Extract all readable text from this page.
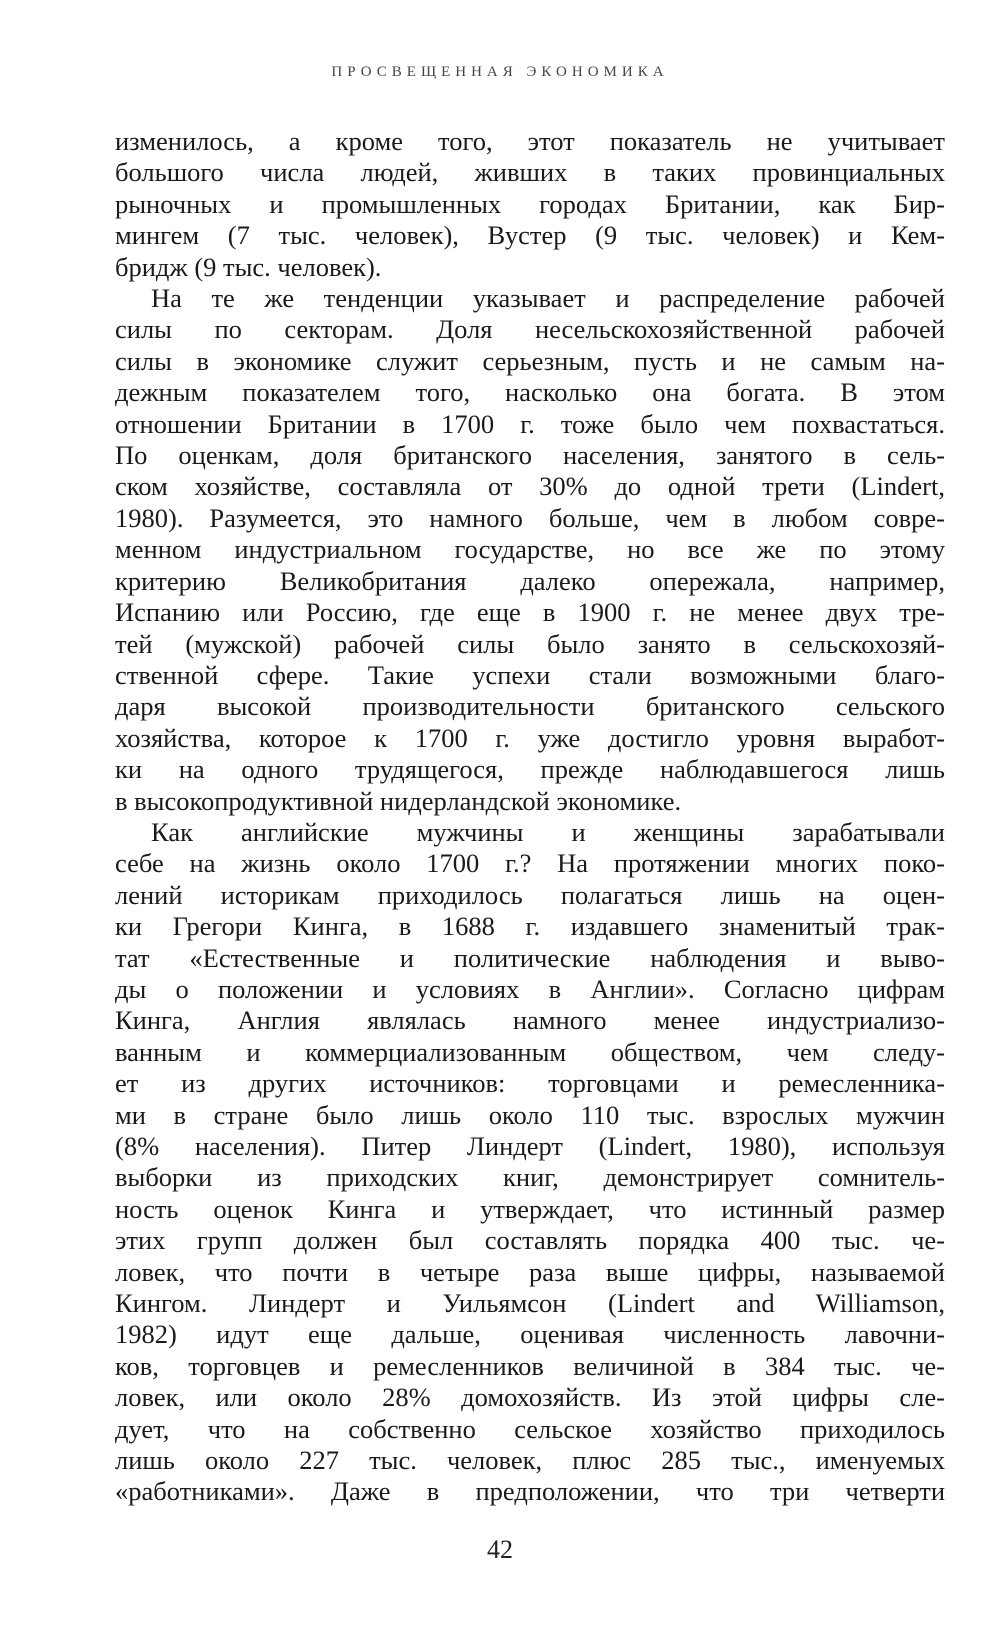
ПРОСВЕЩЕННАЯ ЭКОНОМИКА

изменилось, а кроме того, этот показатель не учитывает
большого числа людей, живших в таких провинциальных
рыночных и промышленных городах Британии, как Бир-
мингем (7 тыс. человек), Вустер (9 тыс. человек) и Кем-
бридж (9 тыс. человек).

На те же тенденции указывает и распределение рабочей
силы по секторам. Доля несельскохозяйственной рабочей
силы в экономике служит серьезным, пусть и не самым на-
дежным показателем того, насколько она богата. В этом
отношении Британии в 1700 г. тоже было чем похвастаться.
По оценкам, доля британского населения, занятого в сель-
ском хозяйстве, составляла от 30% до одной трети (Lindert,
1980). Разумеется, это намного больше, чем в любом совре-
менном индустриальном государстве, но все же по этому
критерию Великобритания далеко опережала, например,
Испанию или Россию, где еще в 1900 г. не менее двух тре-
тей (мужской) рабочей силы было занято в сельскохозяй-
ственной сфере. Такие успехи стали возможными благо-
даря высокой производительности британского сельского
хозяйства, которое к 1700 г. уже достигло уровня выработ-
ки на одного трудящегося, прежде наблюдавшегося лишь
в высокопродуктивной нидерландской экономике.

Как английские мужчины и женщины зарабатывали
себе на жизнь около 1700 г.? На протяжении многих поко-
лений историкам приходилось полагаться лишь на оцен-
ки Грегори Кинга, в 1688 г. издавшего знаменитый трак-
тат «Естественные и политические наблюдения и выво-
ды о положении и условиях в Англии». Согласно цифрам
Кинга, Англия являлась намного менее индустриализо-
ванным и коммерциализованным обществом, чем следу-
ет из других источников: торговцами и ремесленника-
ми в стране было лишь около 110 тыс. взрослых мужчин
(8% населения). Питер Линдерт (Lindert, 1980), используя
выборки из приходских книг, демонстрирует сомнитель-
ность оценок Кинга и утверждает, что истинный размер
этих групп должен был составлять порядка 400 тыс. че-
ловек, что почти в четыре раза выше цифры, называемой
Кингом. Линдерт и Уильямсон (Lindert and Williamson,
1982) идут еще дальше, оценивая численность лавочни-
ков, торговцев и ремесленников величиной в 384 тыс. че-
ловек, или около 28% домохозяйств. Из этой цифры сле-
дует, что на собственно сельское хозяйство приходилось
лишь около 227 тыс. человек, плюс 285 тыс., именуемых
«работниками». Даже в предположении, что три четверти

42
